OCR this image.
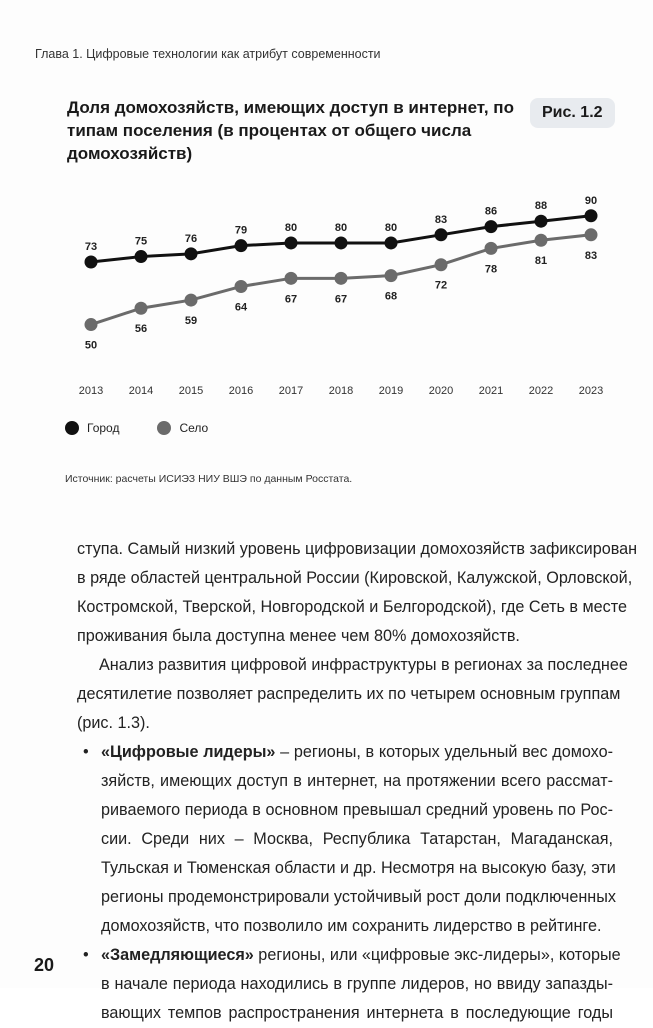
Глава 1. Цифровые технологии как атрибут современности
Доля домохозяйств, имеющих доступ в интернет, по типам поселения (в процентах от общего числа домохозяйств)
Рис. 1.2
73	75	76
79	80	80	80
83
86	88	90
50
56
59
64
67	67	68
72
78
81	83
2013 2014 2015 2016 2017 2018 2019 2020 2021 2022 2023
Город	Село
Источник: расчеты ИСИЭЗ НИУ ВШЭ по данным Росстата.
ступа. Самый низкий уровень цифровизации домохозяйств зафиксирован
в ряде областей центральной России (Кировской, Калужской, Орловской,
Костромской, Тверской, Новгородской и Белгородской), где Сеть в месте
проживания была доступна менее чем 80% домохозяйств.
Анализ развития цифровой инфраструктуры в регионах за последнее
десятилетие позволяет распределить их по четырем основным группам
(рис. 1.3).
• «Цифровые лидеры» – регионы, в которых удельный вес домохо-
зяйств, имеющих доступ в интернет, на протяжении всего рассмат-
риваемого периода в основном превышал средний уровень по Рос-
сии. Среди них – Москва, Республика Татарстан, Магаданская,
Тульская и Тюменская области и др. Несмотря на высокую базу, эти
регионы продемонстрировали устойчивый рост доли подключенных
домохозяйств, что позволило им сохранить лидерство в рейтинге.
• «Замедляющиеся» регионы, или «цифровые экс-лидеры», которые
в начале периода находились в группе лидеров, но ввиду запазды-
вающих темпов распространения интернета в последующие годы
20
